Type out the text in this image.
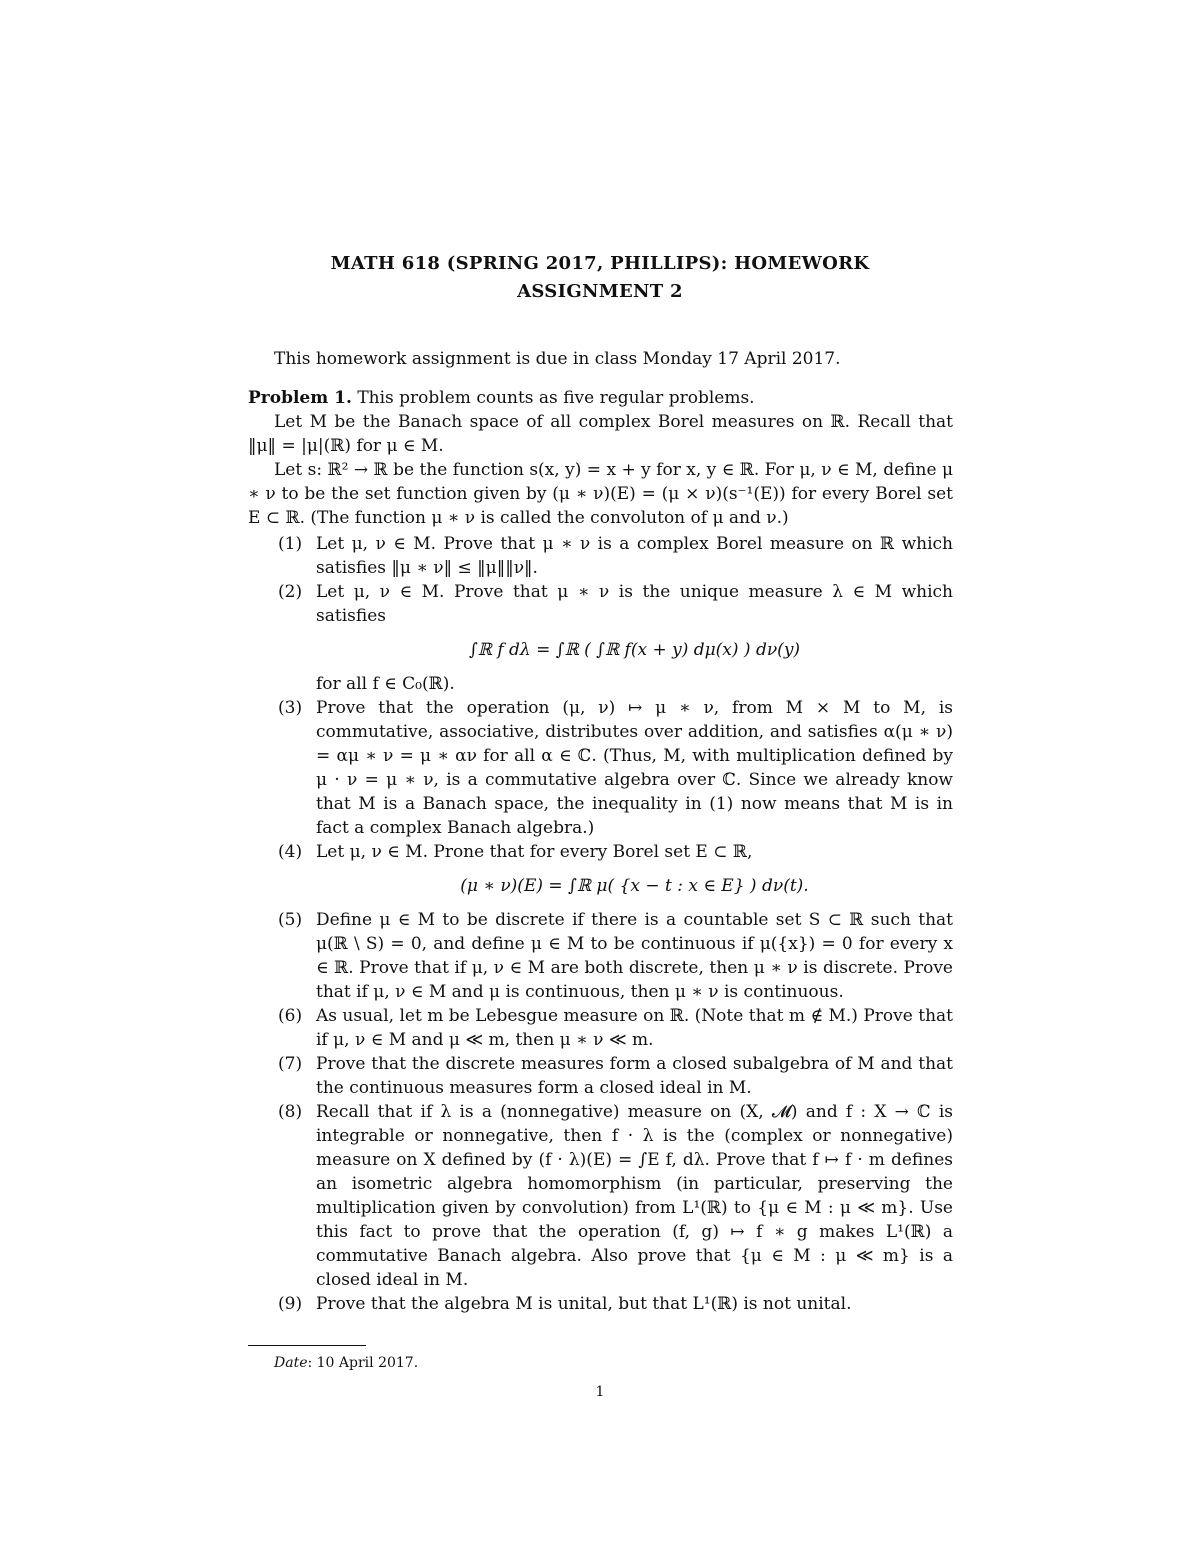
MATH 618 (SPRING 2017, PHILLIPS): HOMEWORK
ASSIGNMENT 2

This homework assignment is due in class Monday 17 April 2017.

Problem 1. This problem counts as five regular problems.

Let M be the Banach space of all complex Borel measures on ℝ. Recall that ‖μ‖ = |μ|(ℝ) for μ ∈ M.

Let s: ℝ² → ℝ be the function s(x, y) = x + y for x, y ∈ ℝ. For μ, ν ∈ M, define μ ∗ ν to be the set function given by (μ ∗ ν)(E) = (μ × ν)(s⁻¹(E)) for every Borel set E ⊂ ℝ. (The function μ ∗ ν is called the convoluton of μ and ν.)

(1) Let μ, ν ∈ M. Prove that μ ∗ ν is a complex Borel measure on ℝ which satisfies ‖μ ∗ ν‖ ≤ ‖μ‖‖ν‖.

(2) Let μ, ν ∈ M. Prove that μ ∗ ν is the unique measure λ ∈ M which satisfies

∫ℝ f dλ = ∫ℝ ( ∫ℝ f(x + y) dμ(x) ) dν(y)

for all f ∈ C₀(ℝ).

(3) Prove that the operation (μ, ν) ↦ μ ∗ ν, from M × M to M, is commutative, associative, distributes over addition, and satisfies α(μ ∗ ν) = αμ ∗ ν = μ ∗ αν for all α ∈ ℂ. (Thus, M, with multiplication defined by μ · ν = μ ∗ ν, is a commutative algebra over ℂ. Since we already know that M is a Banach space, the inequality in (1) now means that M is in fact a complex Banach algebra.)

(4) Let μ, ν ∈ M. Prone that for every Borel set E ⊂ ℝ,

(μ ∗ ν)(E) = ∫ℝ μ( {x − t : x ∈ E} ) dν(t).

(5) Define μ ∈ M to be discrete if there is a countable set S ⊂ ℝ such that μ(ℝ \ S) = 0, and define μ ∈ M to be continuous if μ({x}) = 0 for every x ∈ ℝ. Prove that if μ, ν ∈ M are both discrete, then μ ∗ ν is discrete. Prove that if μ, ν ∈ M and μ is continuous, then μ ∗ ν is continuous.

(6) As usual, let m be Lebesgue measure on ℝ. (Note that m ∉ M.) Prove that if μ, ν ∈ M and μ ≪ m, then μ ∗ ν ≪ m.

(7) Prove that the discrete measures form a closed subalgebra of M and that the continuous measures form a closed ideal in M.

(8) Recall that if λ is a (nonnegative) measure on (X, 𝓜) and f : X → ℂ is integrable or nonnegative, then f · λ is the (complex or nonnegative) measure on X defined by (f · λ)(E) = ∫E f, dλ. Prove that f ↦ f · m defines an isometric algebra homomorphism (in particular, preserving the multiplication given by convolution) from L¹(ℝ) to {μ ∈ M : μ ≪ m}. Use this fact to prove that the operation (f, g) ↦ f ∗ g makes L¹(ℝ) a commutative Banach algebra. Also prove that {μ ∈ M : μ ≪ m} is a closed ideal in M.

(9) Prove that the algebra M is unital, but that L¹(ℝ) is not unital.

Date: 10 April 2017.
1
